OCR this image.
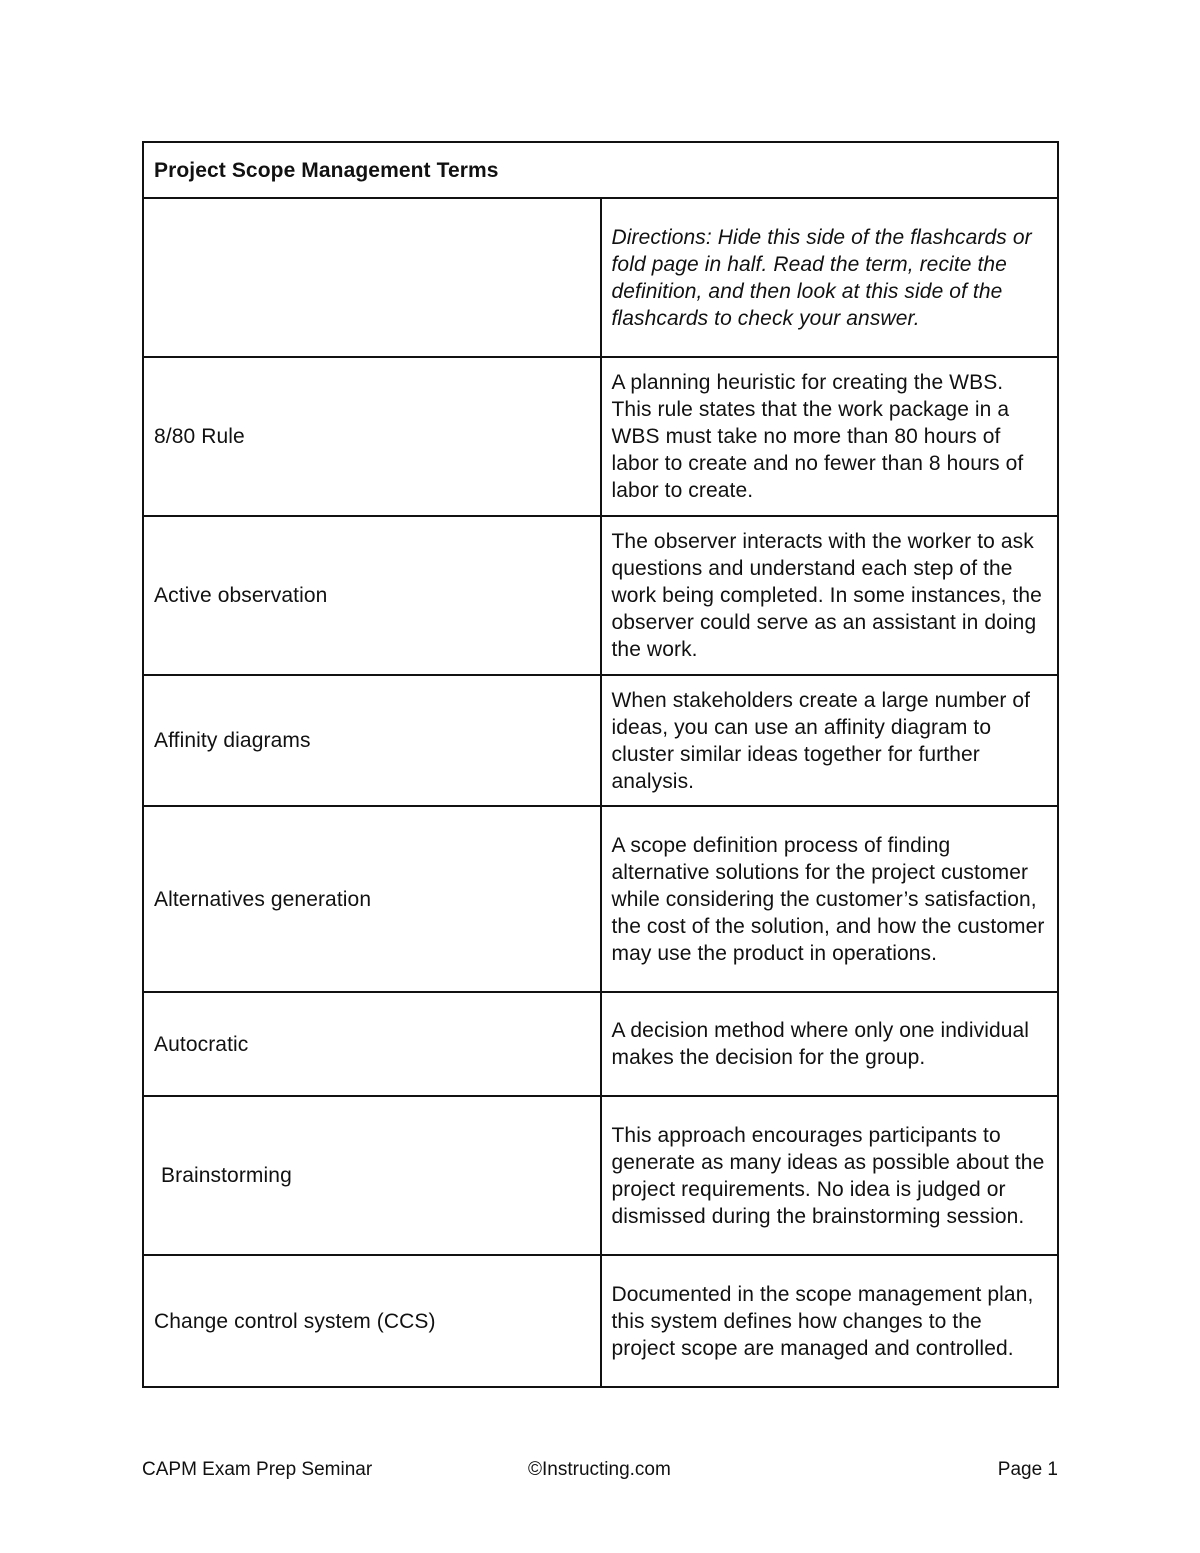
Project Scope Management Terms	
	Directions: Hide this side of the flashcards or fold page in half. Read the term, recite the definition, and then look at this side of the flashcards to check your answer.
8/80 Rule	A planning heuristic for creating the WBS. This rule states that the work package in a WBS must take no more than 80 hours of labor to create and no fewer than 8 hours of labor to create.
Active observation	The observer interacts with the worker to ask questions and understand each step of the work being completed. In some instances, the observer could serve as an assistant in doing the work.
Affinity diagrams	When stakeholders create a large number of ideas, you can use an affinity diagram to cluster similar ideas together for further analysis.
Alternatives generation	A scope definition process of finding alternative solutions for the project customer while considering the customer’s satisfaction, the cost of the solution, and how the customer may use the product in operations.
Autocratic	A decision method where only one individual makes the decision for the group.
Brainstorming	This approach encourages participants to generate as many ideas as possible about the project requirements. No idea is judged or dismissed during the brainstorming session.
Change control system (CCS)	Documented in the scope management plan, this system defines how changes to the project scope are managed and controlled.
CAPM Exam Prep Seminar	©Instructing.com	Page 1
